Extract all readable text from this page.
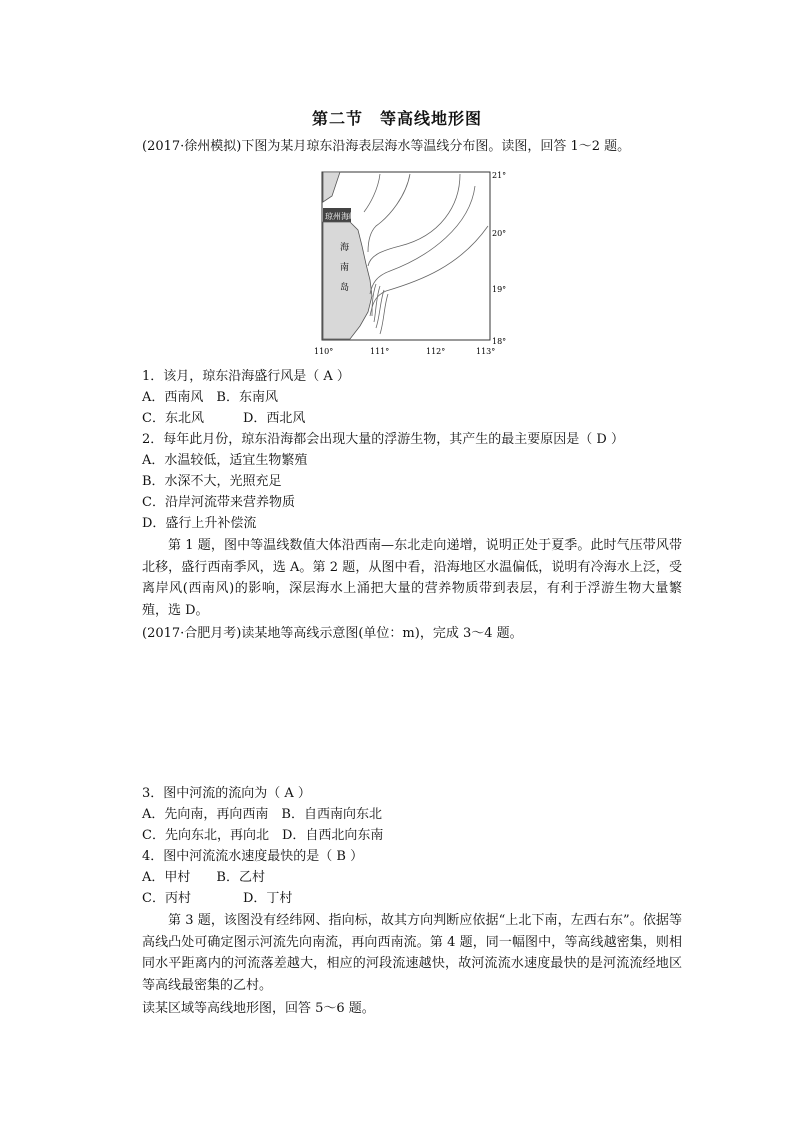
第二节　等高线地形图
(2017·徐州模拟)下图为某月琼东沿海表层海水等温线分布图。读图，回答 1～2 题。
琼州海峡
海
南
岛
21°
20°
19°
18°
110°	111°	112°	113°
1．该月，琼东沿海盛行风是（ A ）
A．西南风　B．东南风
C．东北风　　　D．西北风
2．每年此月份，琼东沿海都会出现大量的浮游生物，其产生的最主要原因是（ D ）
A．水温较低，适宜生物繁殖
B．水深不大，光照充足
C．沿岸河流带来营养物质
D．盛行上升补偿流
第 1 题，图中等温线数值大体沿西南—东北走向递增，说明正处于夏季。此时气压带风带北移，盛行西南季风，选 A。第 2 题，从图中看，沿海地区水温偏低，说明有冷海水上泛，受离岸风(西南风)的影响，深层海水上涌把大量的营养物质带到表层，有利于浮游生物大量繁殖，选 D。
(2017·合肥月考)读某地等高线示意图(单位：m)，完成 3～4 题。
3．图中河流的流向为（ A ）
A．先向南，再向西南　B．自西南向东北
C．先向东北，再向北　D．自西北向东南
4．图中河流流水速度最快的是（ B ）
A．甲村　　B．乙村
C．丙村　　　　D．丁村
第 3 题，该图没有经纬网、指向标，故其方向判断应依据“上北下南，左西右东”。依据等高线凸处可确定图示河流先向南流，再向西南流。第 4 题，同一幅图中，等高线越密集，则相同水平距离内的河流落差越大，相应的河段流速越快，故河流流水速度最快的是河流流经地区等高线最密集的乙村。
读某区域等高线地形图，回答 5～6 题。
